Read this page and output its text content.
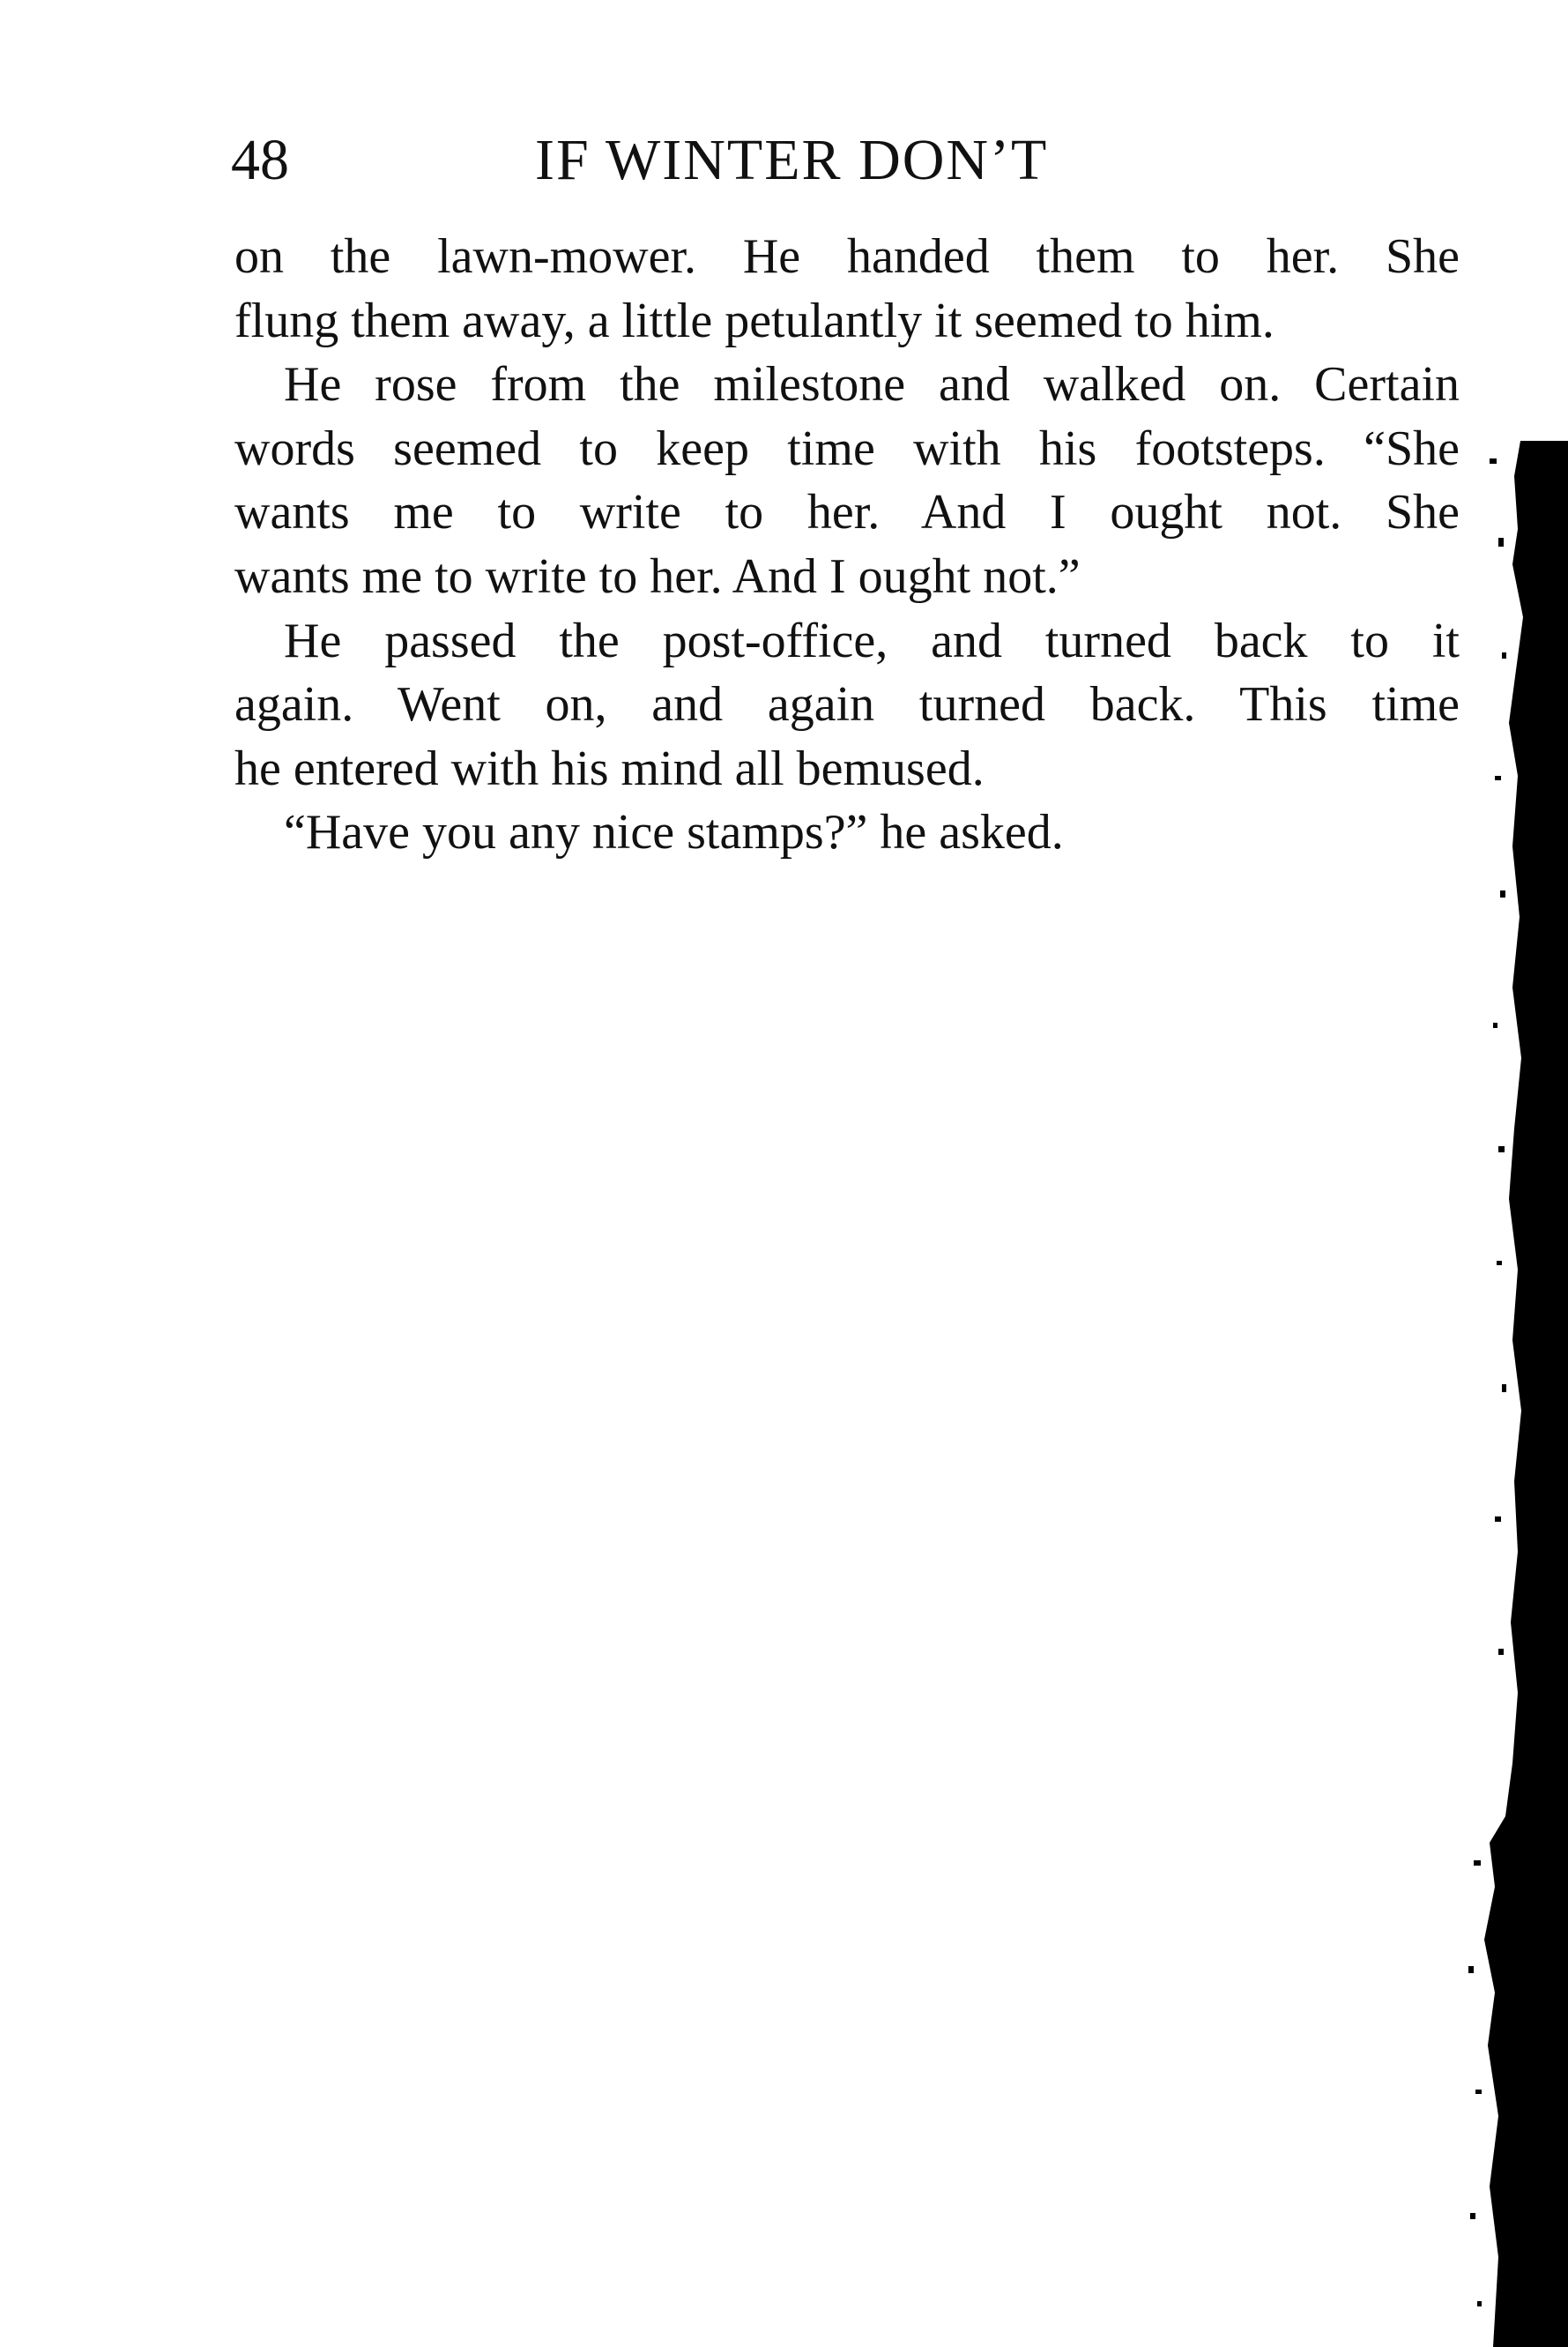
48	IF WINTER DON’T
on the lawn-mower. He handed them to her. She
flung them away, a little petulantly it seemed to him.
He rose from the milestone and walked on. Certain
words seemed to keep time with his footsteps. “She
wants me to write to her. And I ought not. She
wants me to write to her. And I ought not.”
He passed the post-office, and turned back to it
again. Went on, and again turned back. This time
he entered with his mind all bemused.
“Have you any nice stamps?” he asked.
